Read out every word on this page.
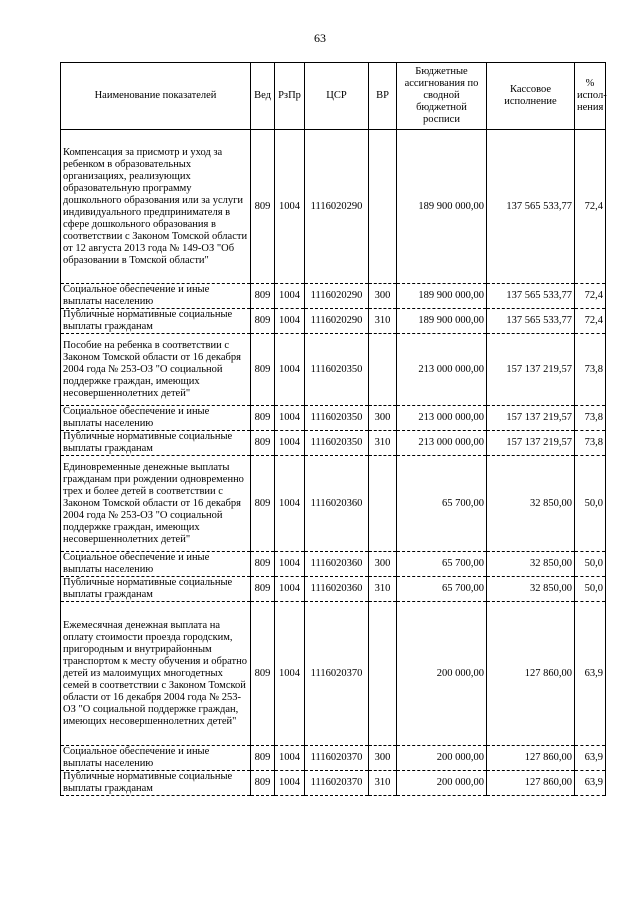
63
Наименование показателей	Вед	РзПр	ЦСР	ВР	Бюджетные ассигнования по сводной бюджетной росписи	Кассовое исполнение	% испол-нения
Компенсация за присмотр и уход за ребенком в образовательных организациях, реализующих образовательную программу дошкольного образования или за услуги индивидуального предпринимателя в сфере дошкольного образования в соответствии с Законом Томской области от 12 августа 2013 года № 149-ОЗ "Об образовании в Томской области"	809	1004	1116020290		189 900 000,00	137 565 533,77	72,4
Социальное обеспечение и иные выплаты населению	809	1004	1116020290	300	189 900 000,00	137 565 533,77	72,4
Публичные нормативные социальные выплаты гражданам	809	1004	1116020290	310	189 900 000,00	137 565 533,77	72,4
Пособие на ребенка в соответствии с Законом Томской области от 16 декабря 2004 года № 253-ОЗ "О социальной поддержке граждан, имеющих несовершеннолетних детей"	809	1004	1116020350		213 000 000,00	157 137 219,57	73,8
Социальное обеспечение и иные выплаты населению	809	1004	1116020350	300	213 000 000,00	157 137 219,57	73,8
Публичные нормативные социальные выплаты гражданам	809	1004	1116020350	310	213 000 000,00	157 137 219,57	73,8
Единовременные денежные выплаты гражданам при рождении одновременно трех и более детей в соответствии с Законом Томской области от 16 декабря 2004 года № 253-ОЗ "О социальной поддержке граждан, имеющих несовершеннолетних детей"	809	1004	1116020360		65 700,00	32 850,00	50,0
Социальное обеспечение и иные выплаты населению	809	1004	1116020360	300	65 700,00	32 850,00	50,0
Публичные нормативные социальные выплаты гражданам	809	1004	1116020360	310	65 700,00	32 850,00	50,0
Ежемесячная денежная выплата на оплату стоимости проезда городским, пригородным и внутрирайонным транспортом к месту обучения и обратно детей из малоимущих многодетных семей в соответствии с Законом Томской области от 16 декабря 2004 года № 253-ОЗ "О социальной поддержке граждан, имеющих несовершеннолетних детей"	809	1004	1116020370		200 000,00	127 860,00	63,9
Социальное обеспечение и иные выплаты населению	809	1004	1116020370	300	200 000,00	127 860,00	63,9
Публичные нормативные социальные выплаты гражданам	809	1004	1116020370	310	200 000,00	127 860,00	63,9
